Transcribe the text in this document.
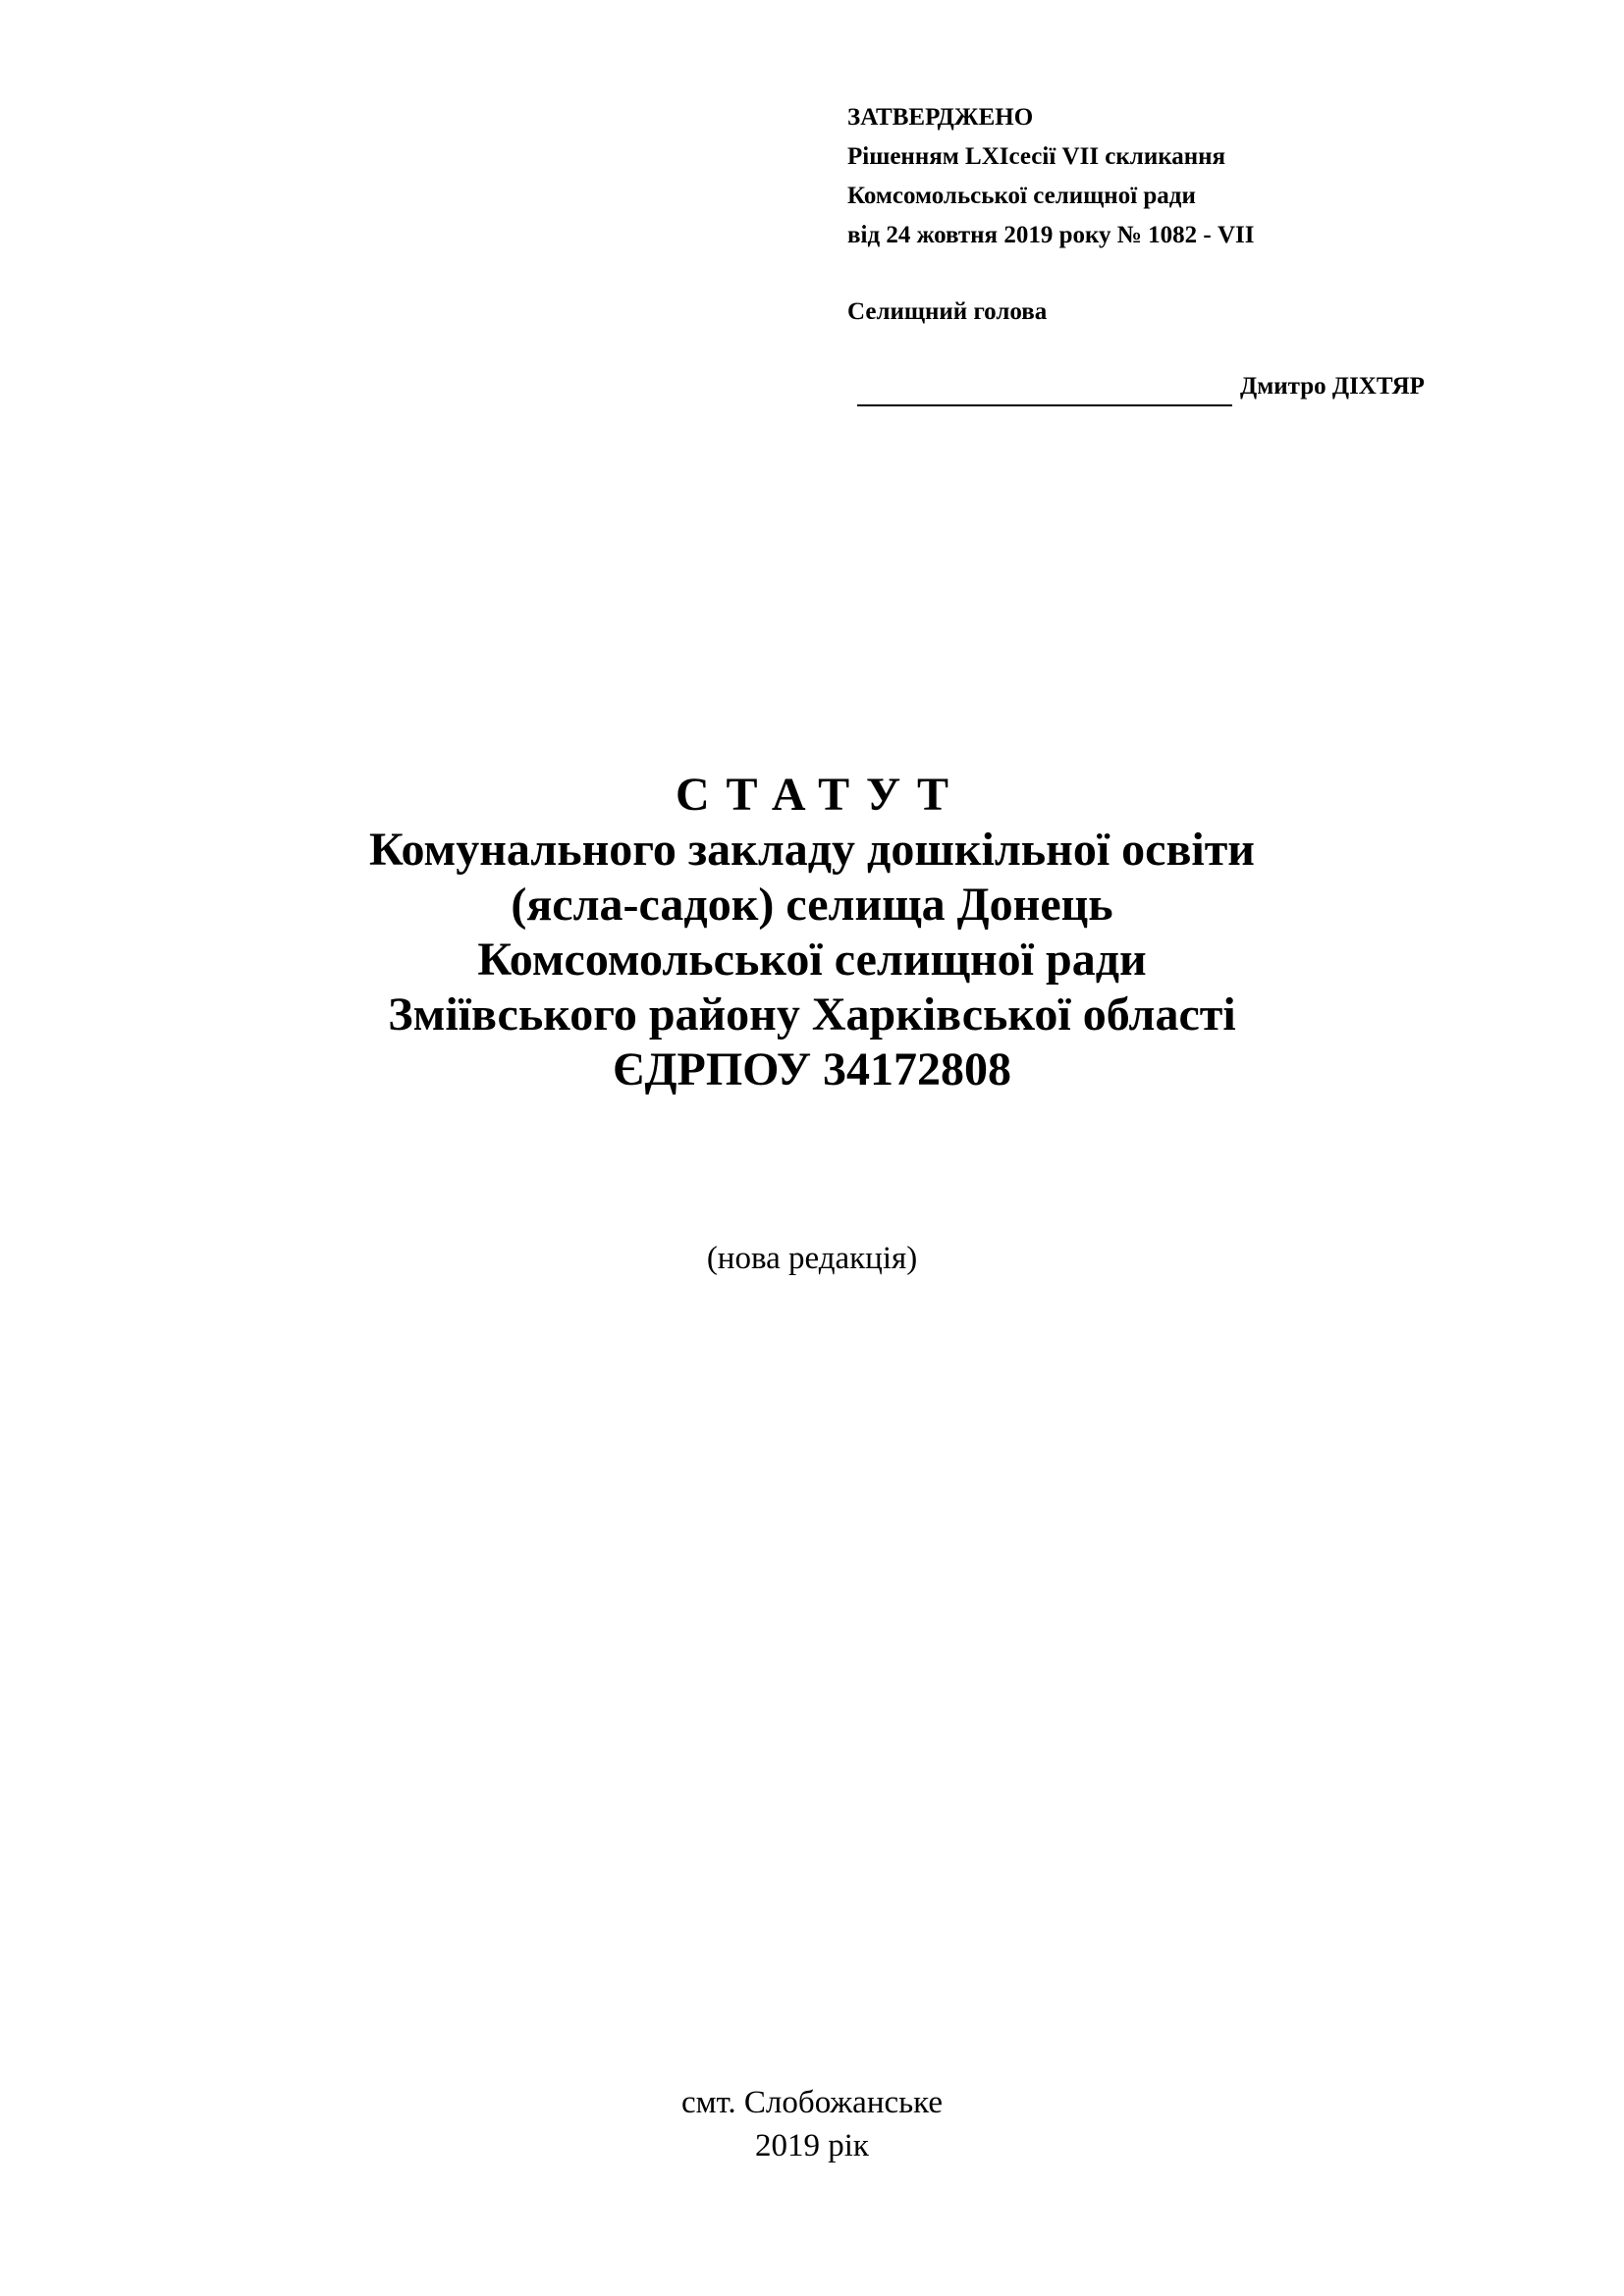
ЗАТВЕРДЖЕНО
Рішенням LXIсесії VII скликання
Комсомольської селищної ради
від 24 жовтня 2019 року № 1082 - VII
Селищний голова
Дмитро ДІХТЯР
СТАТУТ
Комунального закладу дошкільної освіти
(ясла-садок) селища Донець
Комсомольської селищної ради
Зміївського району Харківської області
ЄДРПОУ 34172808
(нова редакція)
смт. Слобожанське
2019 рік
